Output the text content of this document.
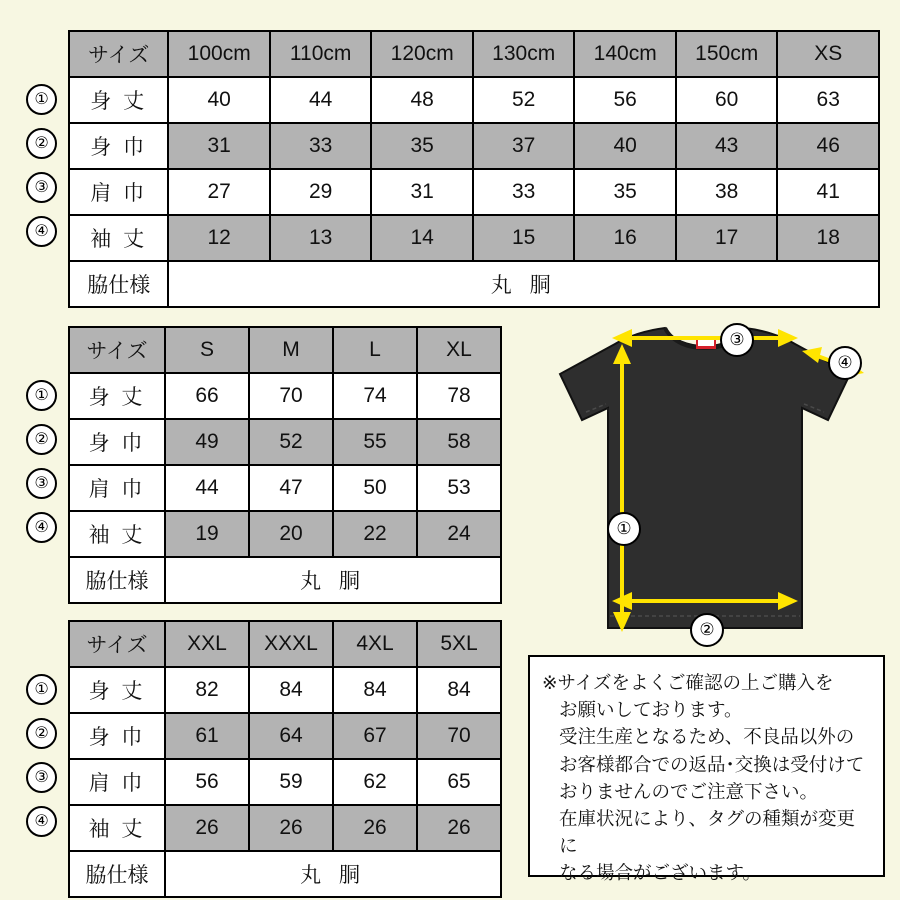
①
②
③
④
サイズ	100cm	110cm	120cm	130cm	140cm	150cm	XS
身 丈	40	44	48	52	56	60	63
身 巾	31	33	35	37	40	43	46
肩 巾	27	29	31	33	35	38	41
袖 丈	12	13	14	15	16	17	18
脇仕様	丸 胴						
①
②
③
④
サイズ	S	M	L	XL
身 丈	66	70	74	78
身 巾	49	52	55	58
肩 巾	44	47	50	53
袖 丈	19	20	22	24
脇仕様	丸 胴			
①
②
③
④
サイズ	XXL	XXXL	4XL	5XL
身 丈	82	84	84	84
身 巾	61	64	67	70
肩 巾	56	59	62	65
袖 丈	26	26	26	26
脇仕様	丸 胴			
①
②
③
④

※サイズをよくご確認の上ご購入を

お願いしております。

受注生産となるため、不良品以外の

お客様都合での返品･交換は受付けて

おりませんのでご注意下さい。

在庫状況により、タグの種類が変更に

なる場合がございます。
